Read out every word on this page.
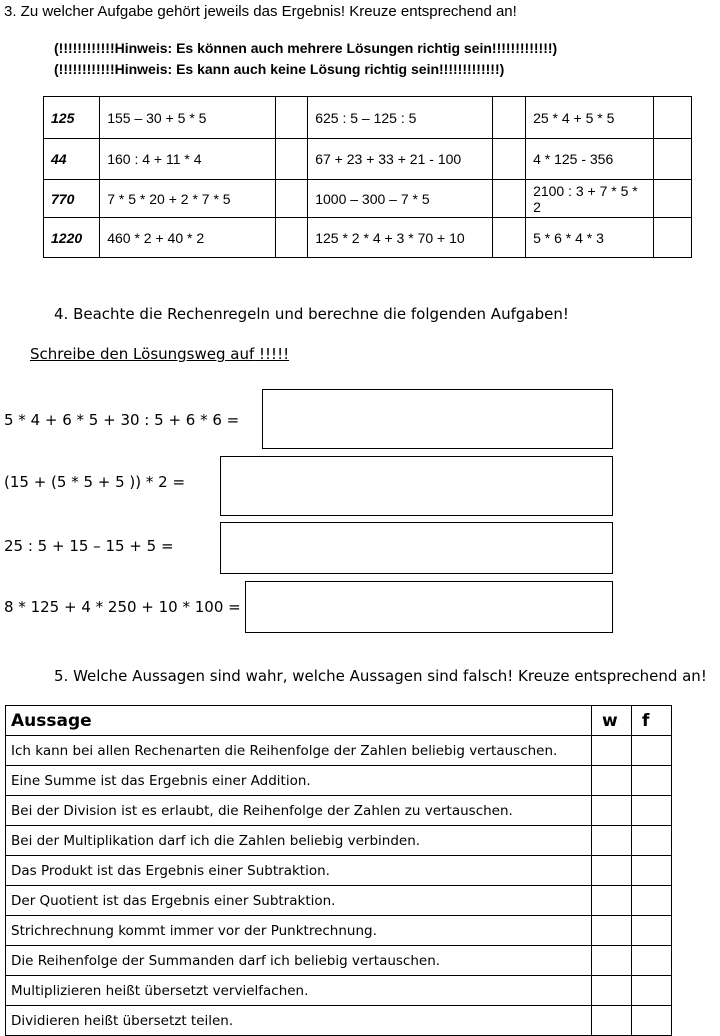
3. Zu welcher Aufgabe gehört jeweils das Ergebnis! Kreuze entsprechend an!
(!!!!!!!!!!!!Hinweis: Es können auch mehrere Lösungen richtig sein!!!!!!!!!!!!!)
(!!!!!!!!!!!!Hinweis: Es kann auch keine Lösung richtig sein!!!!!!!!!!!!!)
125	155 – 30 + 5 * 5		625 : 5 – 125 : 5		25 * 4 + 5 * 5	
44	160 : 4 + 11 * 4		67 + 23 + 33 + 21 - 100		4 * 125 - 356	
770	7 * 5 * 20 + 2 * 7 * 5		1000 – 300 – 7 * 5		2100 : 3 + 7 * 5 * 2	
1220	460 * 2 + 40 * 2		125 * 2 * 4 + 3 * 70 + 10		5 * 6 * 4 * 3	
4. Beachte die Rechenregeln und berechne die folgenden Aufgaben!
Schreibe den Lösungsweg auf !!!!!
5 * 4 + 6 * 5 + 30 : 5 + 6 * 6 =
(15 + (5 * 5 + 5 )) * 2 =
25 : 5 + 15 – 15 + 5 =
8 * 125 + 4 * 250 + 10 * 100 =
5. Welche Aussagen sind wahr, welche Aussagen sind falsch! Kreuze entsprechend an!
Aussage	w	f
Ich kann bei allen Rechenarten die Reihenfolge der Zahlen beliebig vertauschen.		
Eine Summe ist das Ergebnis einer Addition.		
Bei der Division ist es erlaubt, die Reihenfolge der Zahlen zu vertauschen.		
Bei der Multiplikation darf ich die Zahlen beliebig verbinden.		
Das Produkt ist das Ergebnis einer Subtraktion.		
Der Quotient ist das Ergebnis einer Subtraktion.		
Strichrechnung kommt immer vor der Punktrechnung.		
Die Reihenfolge der Summanden darf ich beliebig vertauschen.		
Multiplizieren heißt übersetzt vervielfachen.		
Dividieren heißt übersetzt teilen.		
